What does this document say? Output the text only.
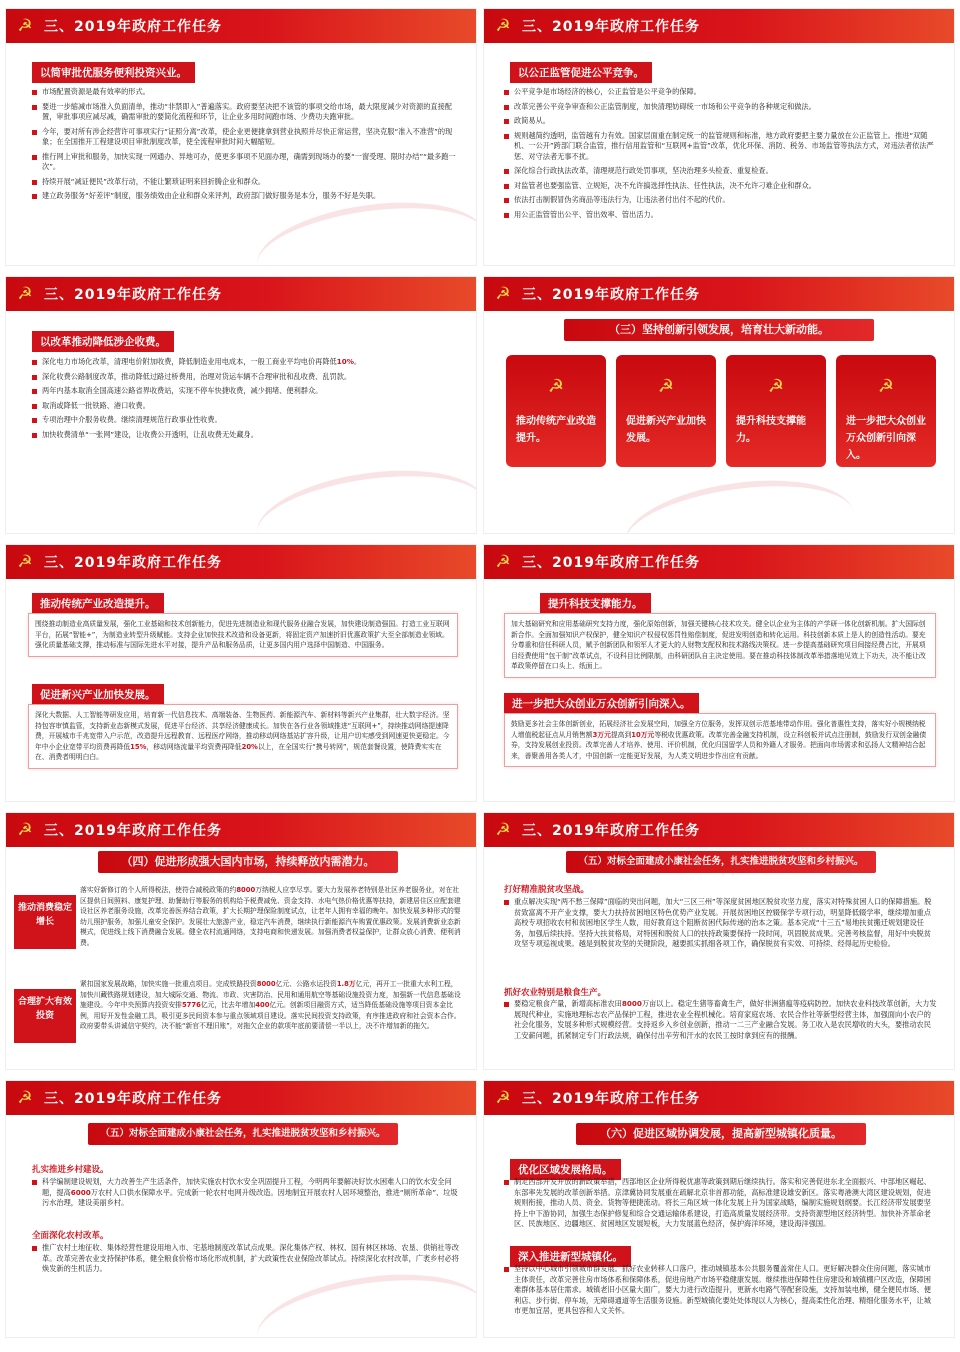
☭ 三、2019年政府工作任务
以简审批优服务便利投资兴业。
市场配置资源是最有效率的形式。
要进一步缩减市场准入负面清单，推动“非禁即入”普遍落实。政府要坚决把不该管的事项交给市场，最大限度减少对资源的直接配置，审批事项应减尽减，确需审批的要简化流程和环节，让企业多用时间跑市场、少费功夫跑审批。
今年，要对所有涉企经营许可事项实行“证照分离”改革，使企业更便捷拿到营业执照并尽快正常运营，坚决克服“准入不准营”的现象；在全国推开工程建设项目审批制度改革，使全流程审批时间大幅缩短。
推行网上审批和服务，加快实现一网通办、异地可办，使更多事项不见面办理，确需到现场办的要“一窗受理、限时办结”“最多跑一次”。
持续开展“减证便民”改革行动，不能让繁琐证明来回折腾企业和群众。
建立政务服务“好差评”制度，服务绩效由企业和群众来评判，政府部门做好服务是本分，服务不好是失职。
☭ 三、2019年政府工作任务
以公正监管促进公平竞争。
公平竞争是市场经济的核心，公正监管是公平竞争的保障。
改革完善公平竞争审查和公正监管制度，加快清理妨碍统一市场和公平竞争的各种规定和做法。
政简易从。
规则越简约透明，监管越有力有效。国家层面重在制定统一的监管规则和标准，地方政府要把主要力量放在公正监管上。推进“双随机、一公开”跨部门联合监管，推行信用监管和“互联网+监管”改革，优化环保、消防、税务、市场监管等执法方式，对违法者依法严惩、对守法者无事不扰。
深化综合行政执法改革，清理规范行政处罚事项，坚决治理多头检查、重复检查。
对监管者也要强监管、立规矩，决不允许搞选择性执法、任性执法，决不允许刁难企业和群众。
依法打击制假冒伪劣商品等违法行为，让违法者付出付不起的代价。
用公正监管管出公平、管出效率、管出活力。
☭ 三、2019年政府工作任务
以改革推动降低涉企收费。
深化电力市场化改革，清理电价附加收费，降低制造业用电成本，一般工商业平均电价再降低10%。
深化收费公路制度改革，推动降低过路过桥费用，治理对货运车辆不合理审批和乱收费、乱罚款。
两年内基本取消全国高速公路省界收费站，实现不停车快捷收费，减少拥堵、便利群众。
取消或降低一批铁路、港口收费。
专项治理中介服务收费。继续清理规范行政事业性收费。
加快收费清单“一张网”建设，让收费公开透明，让乱收费无处藏身。
☭ 三、2019年政府工作任务
（三）坚持创新引领发展，培育壮大新动能。
☭
推动传统产业改造提升。
☭
促进新兴产业加快发展。
☭
提升科技支撑能力。
☭
进一步把大众创业万众创新引向深入。
☭ 三、2019年政府工作任务
推动传统产业改造提升。
围绕推动制造业高质量发展，强化工业基础和技术创新能力，促进先进制造业和现代服务业融合发展，加快建设制造强国。打造工业互联网平台，拓展“智能+”，为制造业转型升级赋能。支持企业加快技术改造和设备更新，将固定资产加速折旧优惠政策扩大至全部制造业领域。强化质量基础支撑，推动标准与国际先进水平对接，提升产品和服务品质，让更多国内用户选择中国制造、中国服务。
促进新兴产业加快发展。
深化大数据、人工智能等研发应用，培育新一代信息技术、高端装备、生物医药、新能源汽车、新材料等新兴产业集群，壮大数字经济。坚持包容审慎监管，支持新业态新模式发展，促进平台经济、共享经济健康成长。加快在各行业各领域推进“互联网+”，持续推动网络提速降费，开展城市千兆宽带入户示范，改造提升远程教育、远程医疗网络，推动移动网络基站扩容升级，让用户切实感受到网速更快更稳定。今年中小企业宽带平均资费再降低15%，移动网络流量平均资费再降低20%以上，在全国实行“携号转网”，规范套餐设置，使降费实实在在、消费者明明白白。
☭ 三、2019年政府工作任务
提升科技支撑能力。
加大基础研究和应用基础研究支持力度，强化原始创新，加强关键核心技术攻关。健全以企业为主体的产学研一体化创新机制。扩大国际创新合作。全面加强知识产权保护，健全知识产权侵权惩罚性赔偿制度，促进发明创造和转化运用。科技创新本质上是人的创造性活动。要充分尊重和信任科研人员，赋予创新团队和领军人才更大的人财物支配权和技术路线决策权。进一步提高基础研究项目间接经费占比，开展项目经费使用“包干制”改革试点，不设科目比例限制，由科研团队自主决定使用。要在推动科技体制改革举措落地见效上下功夫，决不能让改革政策停留在口头上、纸面上。
进一步把大众创业万众创新引向深入。
鼓励更多社会主体创新创业，拓展经济社会发展空间，加强全方位服务，发挥双创示范基地带动作用。强化普惠性支持，落实好小规模纳税人增值税起征点从月销售额3万元提高到10万元等税收优惠政策。改革完善金融支持机制，设立科创板并试点注册制，鼓励发行双创金融债券，支持发展创业投资。改革完善人才培养、使用、评价机制，优化归国留学人员和外籍人才服务。把面向市场需求和弘扬人文精神结合起来，善聚善用各类人才，中国创新一定能更好发展，为人类文明进步作出应有贡献。
☭ 三、2019年政府工作任务
（四）促进形成强大国内市场，持续释放内需潜力。
推动消费稳定增长
落实好新修订的个人所得税法，使符合减税政策的约8000万纳税人应享尽享。要大力发展养老特别是社区养老服务业，对在社区提供日间照料、康复护理、助餐助行等服务的机构给予税费减免、资金支持、水电气热价格优惠等扶持，新建居住区应配套建设社区养老服务设施，改革完善医养结合政策，扩大长期护理保险制度试点，让老年人拥有幸福的晚年。加快发展多种形式的婴幼儿照护服务，加强儿童安全保护。发展壮大旅游产业，稳定汽车消费，继续执行新能源汽车购置优惠政策。发展消费新业态新模式，促进线上线下消费融合发展。健全农村流通网络，支持电商和快递发展。加强消费者权益保护，让群众放心消费、便利消费。
合理扩大有效投资
紧扣国家发展战略，加快实施一批重点项目。完成铁路投资8000亿元、公路水运投资1.8万亿元，再开工一批重大水利工程，加快川藏铁路规划建设，加大城际交通、物流、市政、灾害防治、民用和通用航空等基础设施投资力度，加强新一代信息基础设施建设。今年中央预算内投资安排5776亿元，比去年增加400亿元。创新项目融资方式，适当降低基础设施等项目资本金比例，用好开发性金融工具，吸引更多民间资本参与重点领域项目建设。落实民间投资支持政策，有序推进政府和社会资本合作。政府要带头讲诚信守契约，决不能“新官不理旧账”，对拖欠企业的款项年底前要清偿一半以上，决不许增加新的拖欠。
☭ 三、2019年政府工作任务
（五）对标全面建成小康社会任务，扎实推进脱贫攻坚和乡村振兴。
打好精准脱贫攻坚战。
重点解决实现“两不愁三保障”面临的突出问题，加大“三区三州”等深度贫困地区脱贫攻坚力度，落实对特殊贫困人口的保障措施。脱贫致富离不开产业支撑，要大力扶持贫困地区特色优势产业发展。开展贫困地区控辍保学专项行动，明显降低辍学率，继续增加重点高校专项招收农村和贫困地区学生人数，用好教育这个阻断贫困代际传递的治本之策。基本完成“十三五”易地扶贫搬迁规划建设任务，加强后续扶持。坚持大扶贫格局，对特困和脱贫人口的扶持政策要保持一段时间，巩固脱贫成果。完善考核监督，用好中央脱贫攻坚专项巡视成果。越是到脱贫攻坚的关键阶段，越要抓实抓细各项工作，确保脱贫有实效、可持续、经得起历史检验。
抓好农业特别是粮食生产。
要稳定粮食产量，新增高标准农田8000万亩以上。稳定生猪等畜禽生产，做好非洲猪瘟等疫病防控。加快农业科技改革创新，大力发展现代种业，实施地理标志农产品保护工程，推进农业全程机械化。培育家庭农场、农民合作社等新型经营主体，加强面向小农户的社会化服务，发展多种形式规模经营。支持返乡入乡创业创新，推动一二三产业融合发展。务工收入是农民增收的大头，要推动农民工安薪问题，抓紧制定专门行政法规，确保付出辛劳和汗水的农民工按时拿到应有的报酬。
☭ 三、2019年政府工作任务
（五）对标全面建成小康社会任务，扎实推进脱贫攻坚和乡村振兴。
扎实推进乡村建设。
科学编制建设规划，大力改善生产生活条件，加快实施农村饮水安全巩固提升工程，今明两年要解决好饮水困难人口的饮水安全问题，提高6000万农村人口供水保障水平。完成新一轮农村电网升级改造。因地制宜开展农村人居环境整治，推进“厕所革命”、垃圾污水治理，建设美丽乡村。
全面深化农村改革。
推广农村土地征收、集体经营性建设用地入市、宅基地制度改革试点成果。深化集体产权、林权、国有林区林场、农垦、供销社等改革。改革完善农业支持保护体系，健全粮食价格市场化形成机制，扩大政策性农业保险改革试点。持续深化农村改革，广袤乡村必将焕发新的生机活力。
☭ 三、2019年政府工作任务
（六）促进区域协调发展，提高新型城镇化质量。
优化区域发展格局。
制定西部开发开放的新政策举措，西部地区企业所得税优惠等政策到期后继续执行。落实和完善促进东北全面振兴、中部地区崛起、东部率先发展的改革创新举措。京津冀协同发展重在疏解北京非首都功能，高标准建设雄安新区。落实粤港澳大湾区建设规划，促进规则衔接，推动人员、资金、货物等便捷流动。将长三角区域一体化发展上升为国家战略，编制实施规划纲要。长江经济带发展要坚持上中下游协同，加强生态保护修复和综合交通运输体系建设，打造高质量发展经济带。支持资源型地区经济转型。加快补齐革命老区、民族地区、边疆地区、贫困地区发展短板，大力发展蓝色经济，保护海洋环境，建设海洋强国。
深入推进新型城镇化。
坚持以中心城市引领城市群发展。抓好农业转移人口落户，推动城镇基本公共服务覆盖常住人口。更好解决群众住房问题，落实城市主体责任，改革完善住房市场体系和保障体系，促进房地产市场平稳健康发展。继续推进保障性住房建设和城镇棚户区改造，保障困难群体基本居住需求。城镇老旧小区量大面广，要大力进行改造提升，更新水电路气等配套设施，支持加装电梯，健全便民市场、便利店、步行街、停车场，无障碍通道等生活服务设施。新型城镇化要处处体现以人为核心，提高柔性化治理、精细化服务水平，让城市更加宜居，更具包容和人文关怀。
